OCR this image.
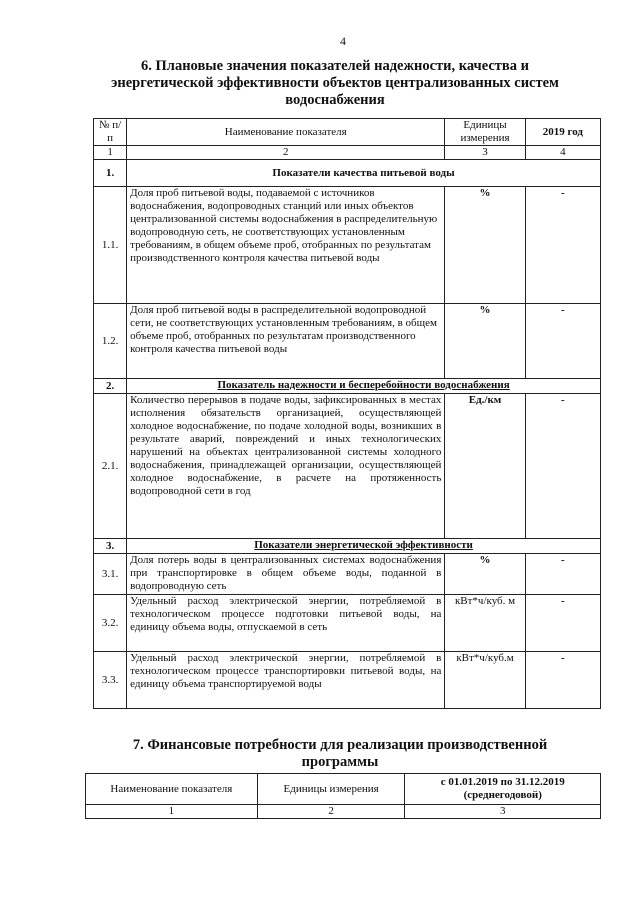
4
6. Плановые значения показателей надежности, качества и энергетической эффективности объектов централизованных систем водоснабжения
№ п/п	Наименование показателя	Единицы измерения	2019 год
1	2	3	4
1.	Показатели качества питьевой воды		
1.1.	Доля проб питьевой воды, подаваемой с источников водоснабжения, водопроводных станций или иных объектов централизованной системы водоснабжения в распределительную водопроводную сеть, не соответствующих установленным требованиям, в общем объеме проб, отобранных по результатам производственного контроля качества питьевой воды	%	-
1.2.	Доля проб питьевой воды в распределительной водопроводной сети, не соответствующих установленным требованиям, в общем объеме проб, отобранных по результатам производственного контроля качества питьевой воды	%	-
2.	Показатель надежности и бесперебойности водоснабжения		
2.1.	Количество перерывов в подаче воды, зафиксированных в местах исполнения обязательств организацией, осуществляющей холодное водоснабжение, по подаче холодной воды, возникших в результате аварий, повреждений и иных технологических нарушений на объектах централизованной системы холодного водоснабжения, принадлежащей организации, осуществляющей холодное водоснабжение, в расчете на протяженность водопроводной сети в год	Ед./км	-
3.	Показатели энергетической эффективности		
3.1.	Доля потерь воды в централизованных системах водоснабжения при транспортировке в общем объеме воды, поданной в водопроводную сеть	%	-
3.2.	Удельный расход электрической энергии, потребляемой в технологическом процессе подготовки питьевой воды, на единицу объема воды, отпускаемой в сеть	кВт*ч/куб. м	-
3.3.	Удельный расход электрической энергии, потребляемой в технологическом процессе транспортировки питьевой воды, на единицу объема транспортируемой воды	кВт*ч/куб.м	-
7. Финансовые потребности для реализации производственной программы
Наименование показателя	Единицы измерения	с 01.01.2019 по 31.12.2019 (среднегодовой)
1	2	3
